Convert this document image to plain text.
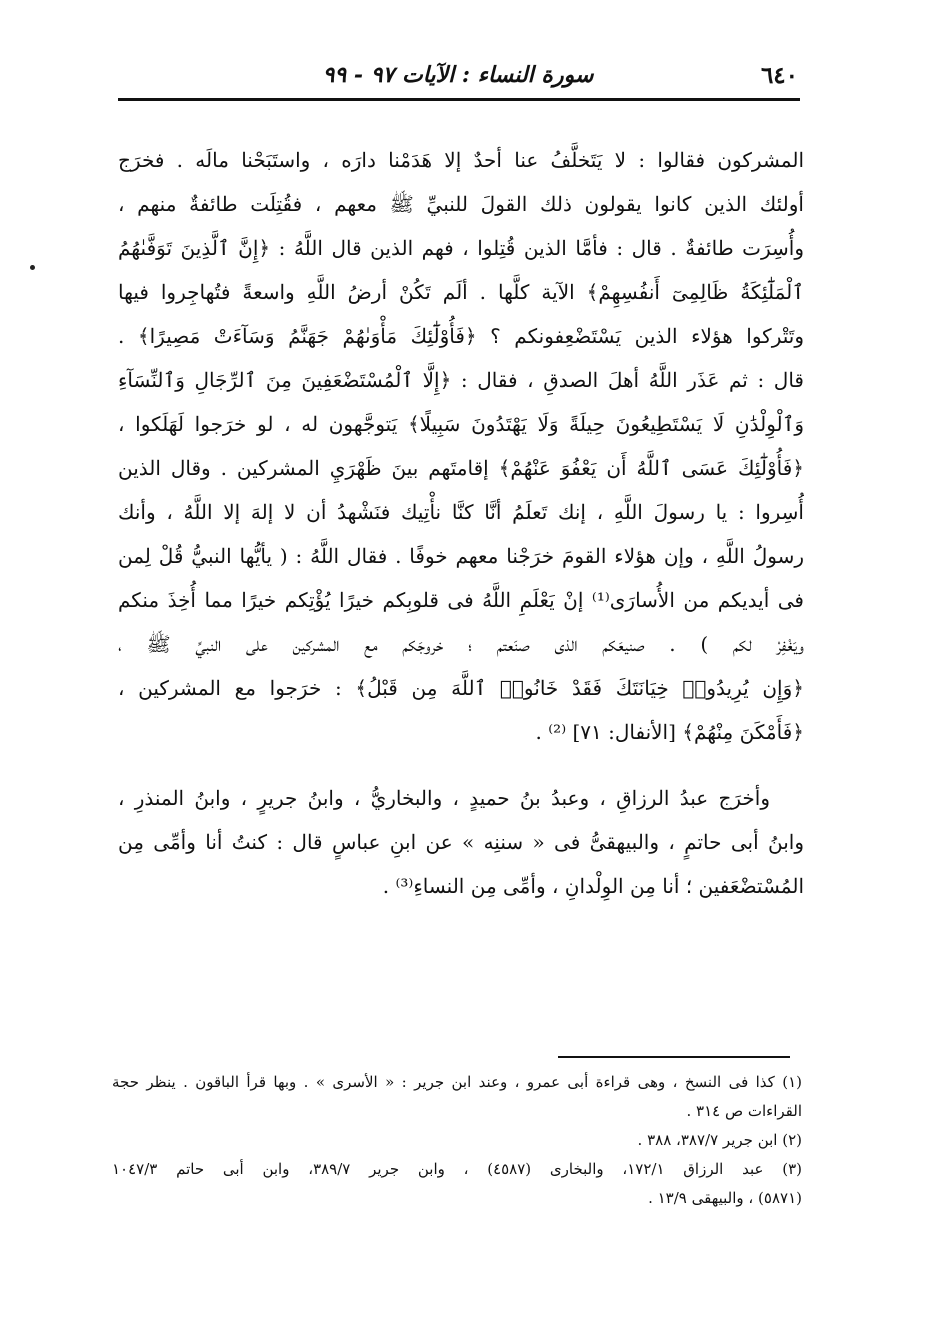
٦٤٠
سورة النساء : الآيات ٩٧ - ٩٩
المشركون فقالوا : لا يَتَخلَّفُ عنا أحدٌ إلا هَدَمْنا دارَه ، واستَبَحْنا مالَه . فخرَج
أولئك الذين كانوا يقولون ذلك القولَ للنبيِّ ﷺ معهم ، فقُتِلَت طائفةٌ منهم ،
وأُسِرَت طائفةٌ . قال : فأمَّا الذين قُتِلوا ، فهم الذين قال اللَّهُ : ﴿إِنَّ ٱلَّذِينَ تَوَفَّىٰهُمُ
ٱلْمَلَٰٓئِكَةُ ظَالِمِىٓ أَنفُسِهِمْ﴾ الآية كلَّها . ألَم تَكُنْ أرضُ اللَّهِ واسعةً فتُهاجِروا فيها
وتَتْركوا هؤلاء الذين يَسْتَضْعِفونكم ؟ ﴿فَأُوْلَٰٓئِكَ مَأْوَىٰهُمْ جَهَنَّمُ وَسَآءَتْ مَصِيرًا﴾ .
قال : ثم عَذَر اللَّهُ أهلَ الصدقِ ، فقال : ﴿إِلَّا ٱلْمُسْتَضْعَفِينَ مِنَ ٱلرِّجَالِ وَٱلنِّسَآءِ
وَٱلْوِلْدَٰنِ لَا يَسْتَطِيعُونَ حِيلَةً وَلَا يَهْتَدُونَ سَبِيلًا﴾ يَتوجَّهون له ، لو خرَجوا لَهَلَكوا ،
﴿فَأُوْلَٰٓئِكَ عَسَى ٱللَّهُ أَن يَعْفُوَ عَنْهُمْ﴾ إقامتَهم بينَ ظَهْرَيِ المشركين . وقال الذين
أُسِروا : يا رسولَ اللَّهِ ، إنك تَعلَمُ أنَّا كنَّا نأْتِيك فنَشْهدُ أن لا إلهَ إلا اللَّهُ ، وأنك
رسولُ اللَّهِ ، وإن هؤلاء القومَ خرَجْنا معهم خوفًا . فقال اللَّهُ : ( يأيُّها النبيُّ قُلْ لِمن
فى أيديكم من الأُسارَى⁽¹⁾ إنْ يَعْلَمِ اللَّهُ فى قلوبِكم خيرًا يُؤْتِكم خيرًا مما أُخِذَ منكم
ويَغْفِرْ لكم ) . صنيعَكم الذى صنَعتم ؛ خروجَكم مع المشركين على النبيِّ ﷺ ،
﴿وَإِن يُرِيدُوا۟ خِيَانَتَكَ فَقَدْ خَانُوا۟ ٱللَّهَ مِن قَبْلُ﴾ : خرَجوا مع المشركين ،
﴿فَأَمْكَنَ مِنْهُمْ﴾ [الأنفال: ٧١] ⁽²⁾ .
وأخرَج عبدُ الرزاقِ ، وعبدُ بنُ حميدٍ ، والبخاريُّ ، وابنُ جريرٍ ، وابنُ المنذرِ ،
وابنُ أبى حاتمٍ ، والبيهقىُّ فى « سننِه » عن ابنِ عباسٍ قال : كنتُ أنا وأمِّى مِن
المُسْتضْعَفين ؛ أنا مِن الوِلْدانِ ، وأمِّى مِن النساءِ⁽³⁾ .
(١) كذا فى النسخ ، وهى قراءة أبى عمرو ، وعند ابن جرير : « الأسرى » . وبها قرأ الباقون . ينظر حجة
القراءات ص ٣١٤ .
(٢) ابن جرير ٣٨٧/٧، ٣٨٨ .
(٣) عبد الرزاق ١٧٢/١، والبخارى (٤٥٨٧) ، وابن جرير ٣٨٩/٧، وابن أبى حاتم ١٠٤٧/٣
(٥٨٧١) ، والبيهقى ١٣/٩ .
